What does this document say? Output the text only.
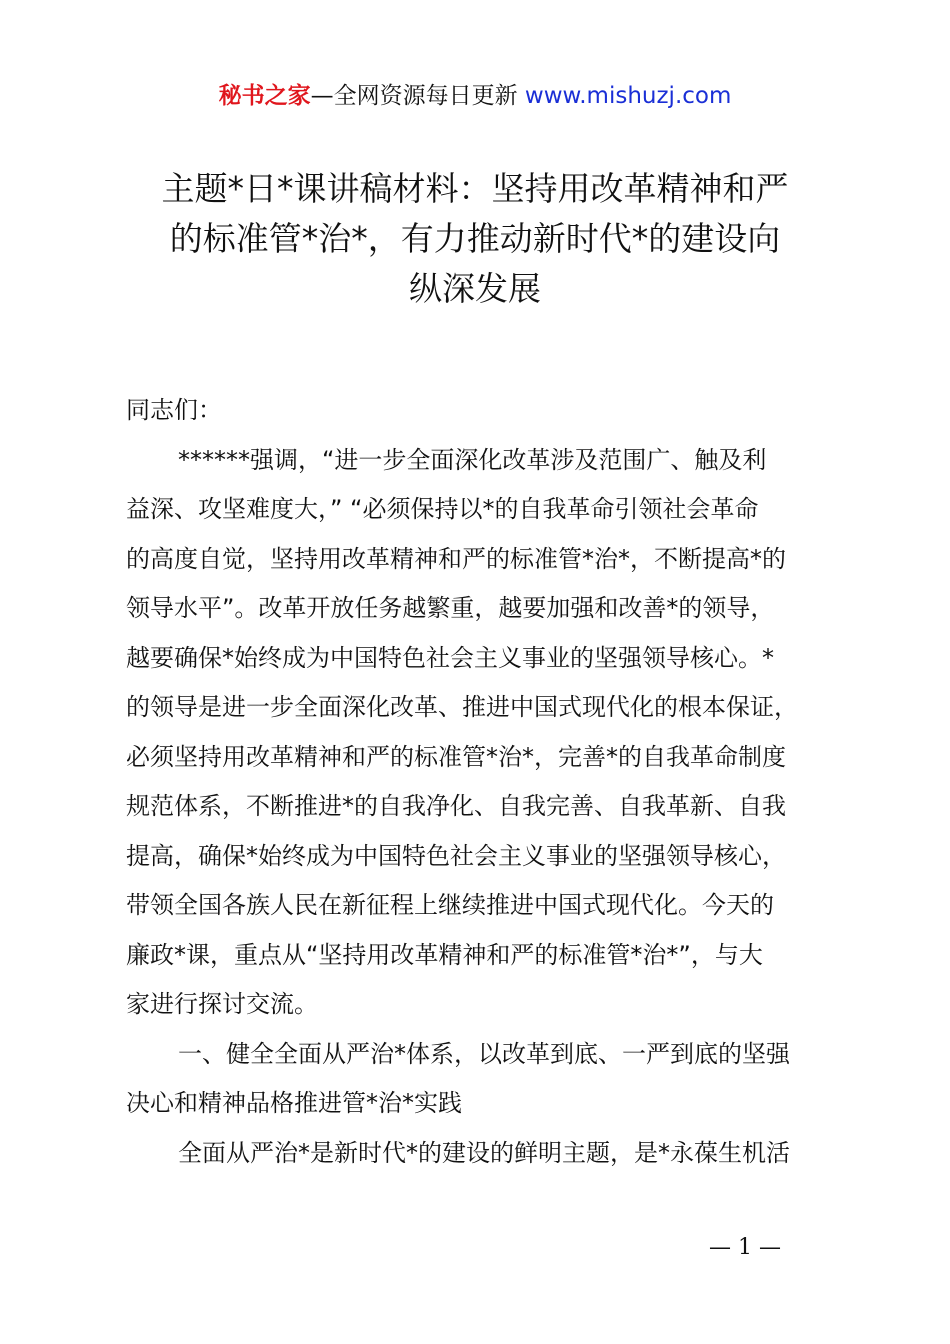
秘书之家—全网资源每日更新 www.mishuzj.com
主题*日*课讲稿材料：坚持用改革精神和严
的标准管*治*，有力推动新时代*的建设向
纵深发展
同志们：
******强调，“进一步全面深化改革涉及范围广、触及利
益深、攻坚难度大，” “必须保持以*的自我革命引领社会革命
的高度自觉，坚持用改革精神和严的标准管*治*，不断提高*的
领导水平”。改革开放任务越繁重，越要加强和改善*的领导，
越要确保*始终成为中国特色社会主义事业的坚强领导核心。*
的领导是进一步全面深化改革、推进中国式现代化的根本保证，
必须坚持用改革精神和严的标准管*治*，完善*的自我革命制度
规范体系，不断推进*的自我净化、自我完善、自我革新、自我
提高，确保*始终成为中国特色社会主义事业的坚强领导核心，
带领全国各族人民在新征程上继续推进中国式现代化。今天的
廉政*课，重点从“坚持用改革精神和严的标准管*治*”，与大
家进行探讨交流。
一、健全全面从严治*体系，以改革到底、一严到底的坚强
决心和精神品格推进管*治*实践
全面从严治*是新时代*的建设的鲜明主题，是*永葆生机活
— 1 —
